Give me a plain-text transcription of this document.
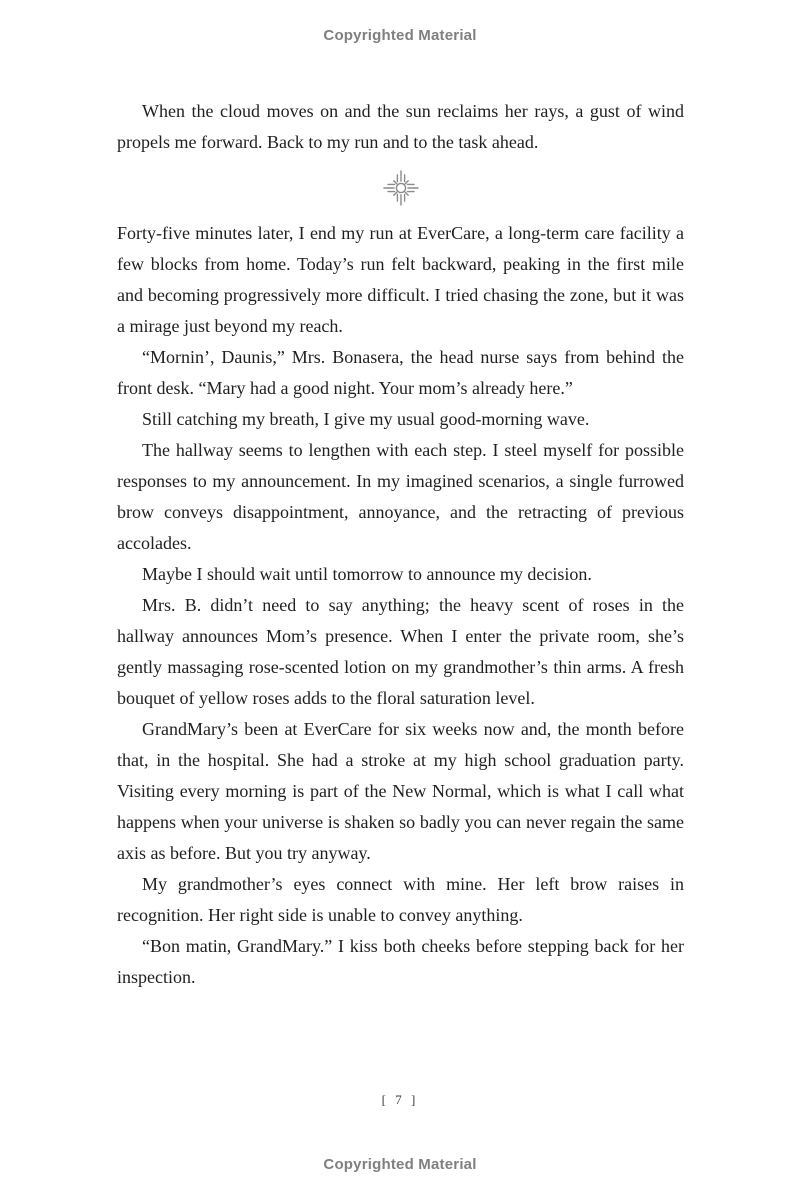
Copyrighted Material

When the cloud moves on and the sun reclaims her rays, a gust of wind propels me forward. Back to my run and to the task ahead.

Forty-five minutes later, I end my run at EverCare, a long-term care facility a few blocks from home. Today’s run felt backward, peaking in the first mile and becoming progressively more difficult. I tried chasing the zone, but it was a mirage just beyond my reach.

“Mornin’, Daunis,” Mrs. Bonasera, the head nurse says from behind the front desk. “Mary had a good night. Your mom’s already here.”

Still catching my breath, I give my usual good-morning wave.

The hallway seems to lengthen with each step. I steel myself for possible responses to my announcement. In my imagined scenarios, a single furrowed brow conveys disappointment, annoyance, and the retracting of previous accolades.

Maybe I should wait until tomorrow to announce my decision.

Mrs. B. didn’t need to say anything; the heavy scent of roses in the hallway announces Mom’s presence. When I enter the private room, she’s gently massaging rose-scented lotion on my grandmother’s thin arms. A fresh bouquet of yellow roses adds to the floral saturation level.

GrandMary’s been at EverCare for six weeks now and, the month before that, in the hospital. She had a stroke at my high school graduation party. Visiting every morning is part of the New Normal, which is what I call what happens when your universe is shaken so badly you can never regain the same axis as before. But you try anyway.

My grandmother’s eyes connect with mine. Her left brow raises in recognition. Her right side is unable to convey anything.

“Bon matin, GrandMary.” I kiss both cheeks before stepping back for her inspection.

[ 7 ]
Copyrighted Material
